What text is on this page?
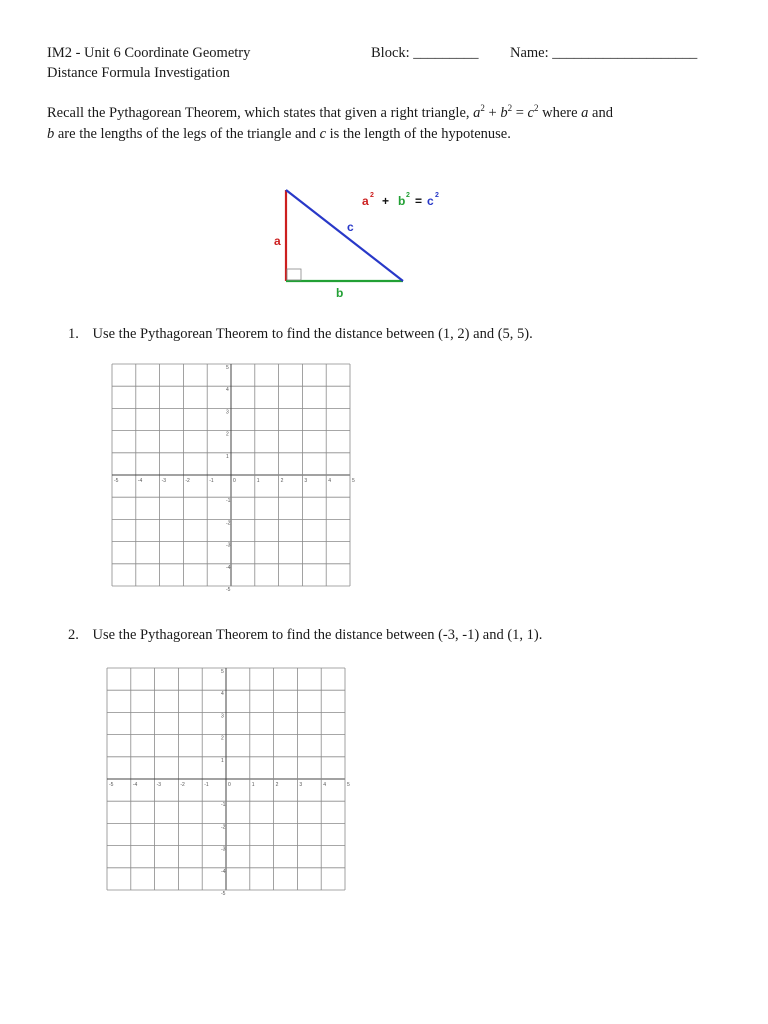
IM2 - Unit 6 Coordinate Geometry
Distance Formula Investigation
Block: _________ Name: ____________________
Recall the Pythagorean Theorem, which states that given a right triangle, $a^2 + b^2 = c^2$ where a and
b are the lengths of the legs of the triangle and c is the length of the hypotenuse.
a
b
c
a 2 + b 2 = c 2
1. Use the Pythagorean Theorem to find the distance between (1, 2) and (5, 5).
-5	-4	-3	-2	-1	0	1	2	3	4	5
5
4
3
2
1
-1
-2
-3
-4
-5
2. Use the Pythagorean Theorem to find the distance between (-3, -1) and (1, 1).
-5	-4	-3	-2	-1	0	1	2	3	4	5
5
4
3
2
1
-1
-2
-3
-4
-5
